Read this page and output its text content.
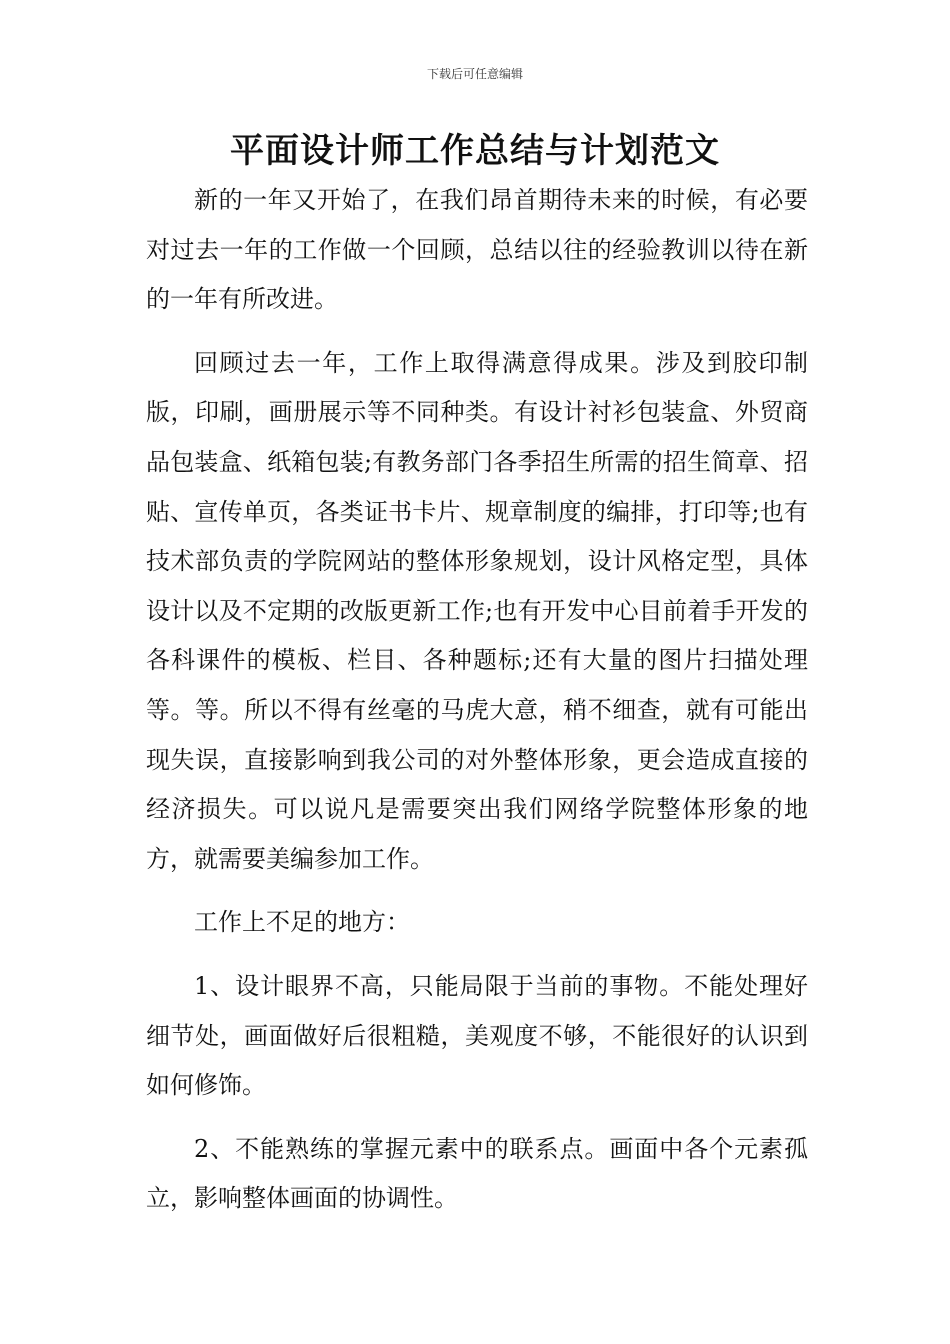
下载后可任意编辑
平面设计师工作总结与计划范文

新的一年又开始了，在我们昂首期待未来的时候，有必要对过去一年的工作做一个回顾，总结以往的经验教训以待在新的一年有所改进。

回顾过去一年，工作上取得满意得成果。涉及到胶印制版，印刷，画册展示等不同种类。有设计衬衫包装盒、外贸商品包装盒、纸箱包装;有教务部门各季招生所需的招生简章、招贴、宣传单页，各类证书卡片、规章制度的编排，打印等;也有技术部负责的学院网站的整体形象规划，设计风格定型，具体设计以及不定期的改版更新工作;也有开发中心目前着手开发的各科课件的模板、栏目、各种题标;还有大量的图片扫描处理等。等。所以不得有丝毫的马虎大意，稍不细查，就有可能出现失误，直接影响到我公司的对外整体形象，更会造成直接的经济损失。可以说凡是需要突出我们网络学院整体形象的地方，就需要美编参加工作。

工作上不足的地方：

1、设计眼界不高，只能局限于当前的事物。不能处理好细节处，画面做好后很粗糙，美观度不够，不能很好的认识到如何修饰。

2、不能熟练的掌握元素中的联系点。画面中各个元素孤立，影响整体画面的协调性。
